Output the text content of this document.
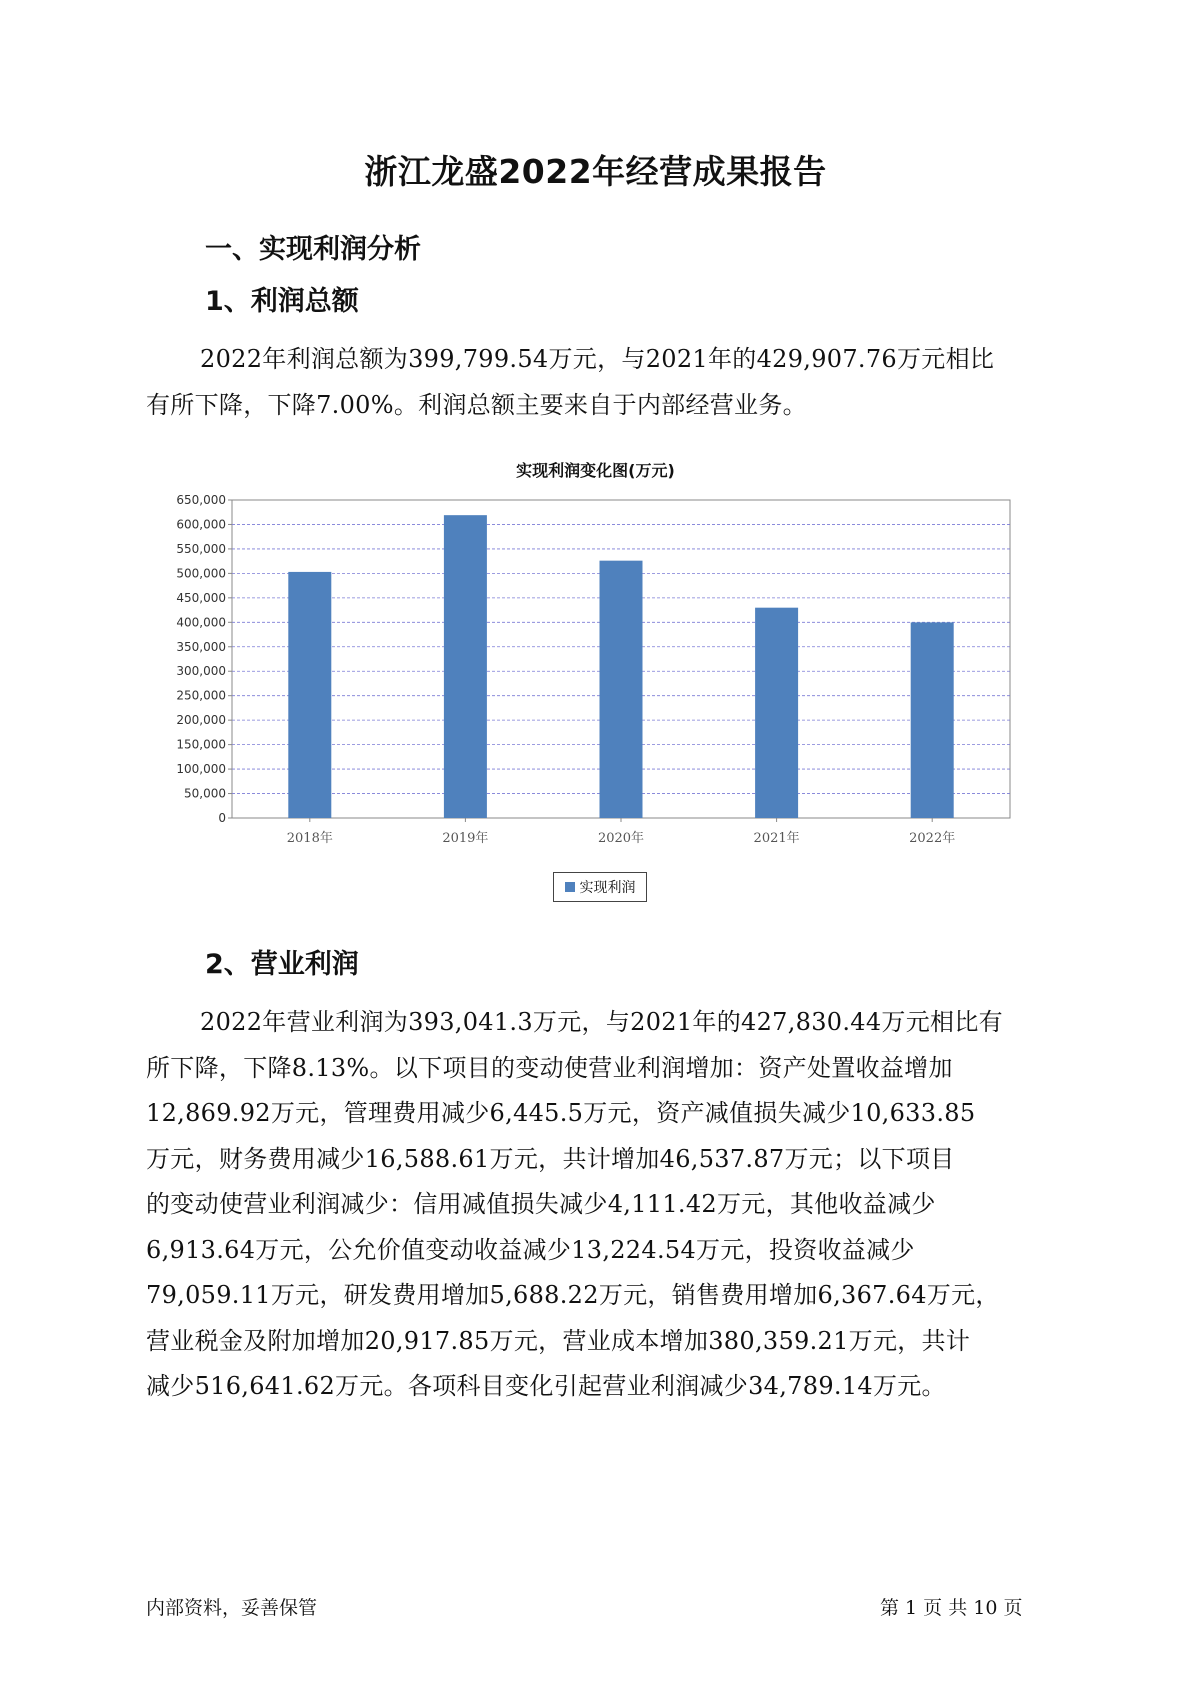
浙江龙盛2022年经营成果报告
一、实现利润分析
1、利润总额
2022年利润总额为399,799.54万元，与2021年的429,907.76万元相比
有所下降，下降7.00%。利润总额主要来自于内部经营业务。
实现利润变化图(万元)
0
50,000
100,000
150,000
200,000
250,000
300,000
350,000
400,000
450,000
500,000
550,000
600,000
650,000
2018年	2019年	2020年	2021年	2022年
实现利润
2、营业利润
2022年营业利润为393,041.3万元，与2021年的427,830.44万元相比有
所下降，下降8.13%。以下项目的变动使营业利润增加：资产处置收益增加
12,869.92万元，管理费用减少6,445.5万元，资产减值损失减少10,633.85
万元，财务费用减少16,588.61万元，共计增加46,537.87万元；以下项目
的变动使营业利润减少：信用减值损失减少4,111.42万元，其他收益减少
6,913.64万元，公允价值变动收益减少13,224.54万元，投资收益减少
79,059.11万元，研发费用增加5,688.22万元，销售费用增加6,367.64万元，
营业税金及附加增加20,917.85万元，营业成本增加380,359.21万元，共计
减少516,641.62万元。各项科目变化引起营业利润减少34,789.14万元。
内部资料，妥善保管	第 1 页 共 10 页
